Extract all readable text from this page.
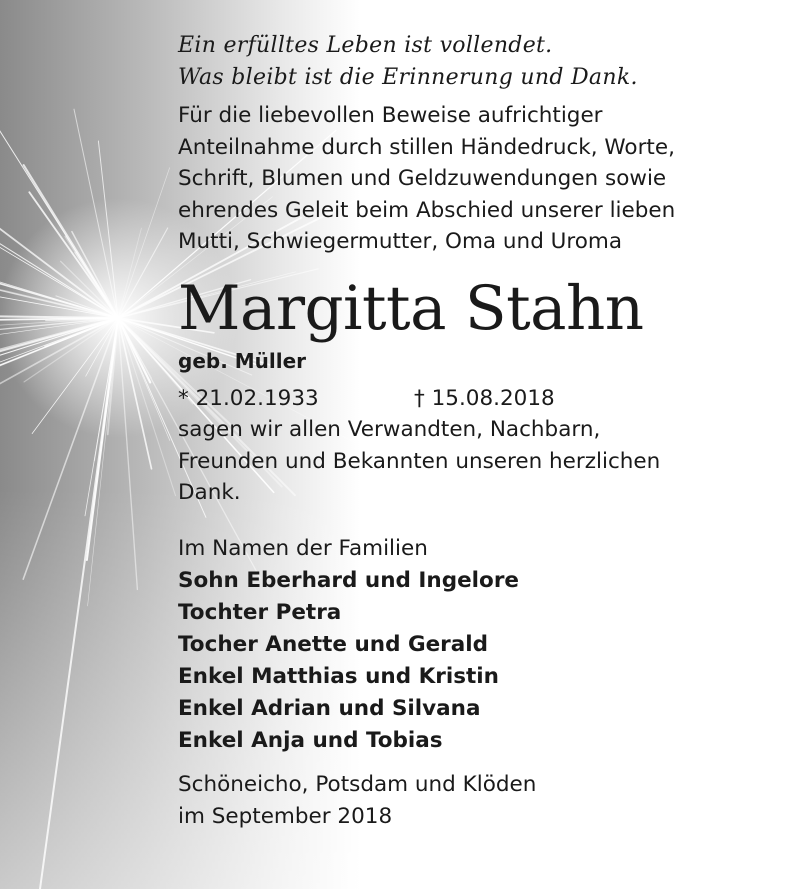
Ein erfülltes Leben ist vollendet.
Was bleibt ist die Erinnerung und Dank.
Für die liebevollen Beweise aufrichtiger
Anteilnahme durch stillen Händedruck, Worte,
Schrift, Blumen und Geldzuwendungen sowie
ehrendes Geleit beim Abschied unserer lieben
Mutti, Schwiegermutter, Oma und Uroma
Margitta Stahn
geb. Müller
* 21.02.1933	† 15.08.2018
sagen wir allen Verwandten, Nachbarn,
Freunden und Bekannten unseren herzlichen
Dank.
Im Namen der Familien
Sohn Eberhard und Ingelore
Tochter Petra
Tocher Anette und Gerald
Enkel Matthias und Kristin
Enkel Adrian und Silvana
Enkel Anja und Tobias
Schöneicho, Potsdam und Klöden
im September 2018
